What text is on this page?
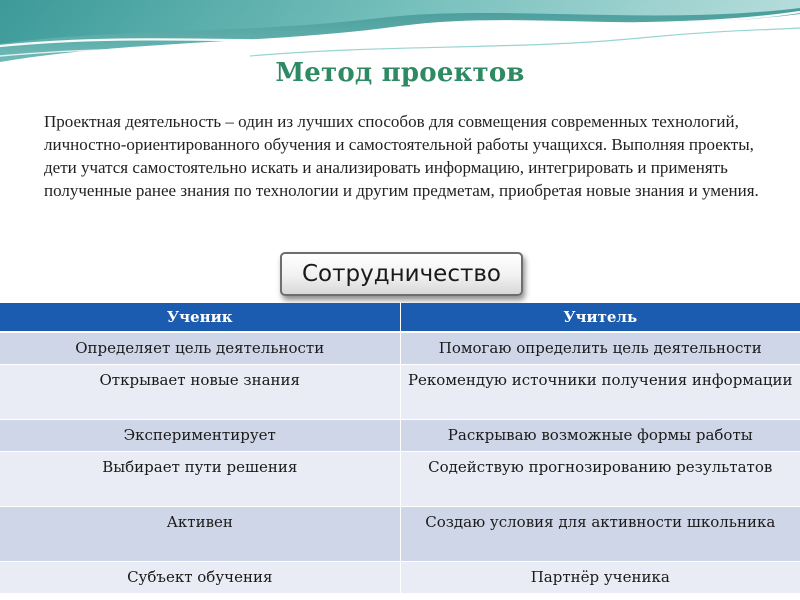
Метод проектов

Проектная деятельность – один из лучших способов для совмещения современных технологий, личностно-ориентированного обучения и самостоятельной работы учащихся. Выполняя проекты, дети учатся самостоятельно искать и анализировать информацию, интегрировать и применять полученные ранее знания по технологии и другим предметам, приобретая новые знания и умения.

Сотрудничество
Ученик	Учитель
Определяет цель деятельности	Помогаю определить цель деятельности
Открывает новые знания	Рекомендую источники получения информации
Экспериментирует	Раскрываю возможные формы работы
Выбирает пути решения	Содействую прогнозированию результатов
Активен	Создаю условия для активности школьника
Субъект обучения	Партнёр ученика
